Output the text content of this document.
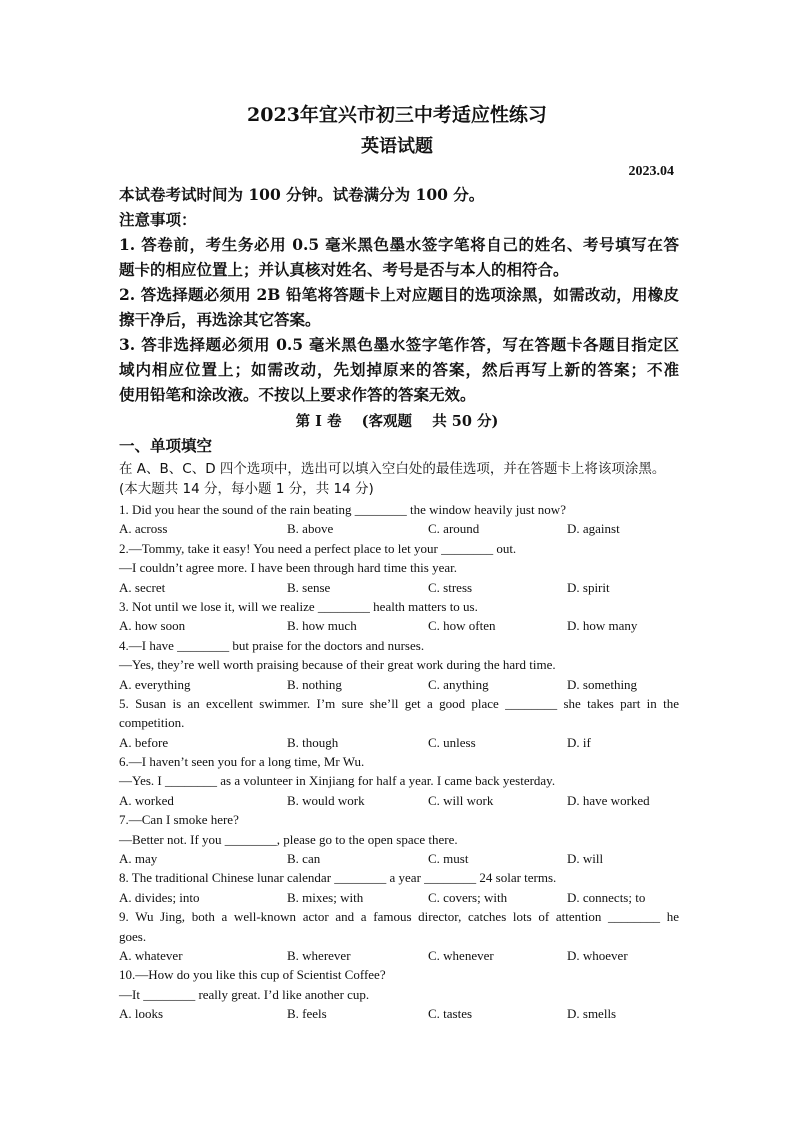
2023年宜兴市初三中考适应性练习
英语试题
2023.04
本试卷考试时间为 100 分钟。试卷满分为 100 分。
注意事项：
1. 答卷前，考生务必用 0.5 毫米黑色墨水签字笔将自己的姓名、考号填写在答
题卡的相应位置上；并认真核对姓名、考号是否与本人的相符合。
2. 答选择题必须用 2B 铅笔将答题卡上对应题目的选项涂黑，如需改动，用橡皮
擦干净后，再选涂其它答案。
3. 答非选择题必须用 0.5 毫米黑色墨水签字笔作答，写在答题卡各题目指定区
域内相应位置上；如需改动，先划掉原来的答案，然后再写上新的答案；不准
使用铅笔和涂改液。不按以上要求作答的答案无效。
第 I 卷    (客观题    共 50 分)
一、单项填空
在 A、B、C、D 四个选项中，选出可以填入空白处的最佳选项，并在答题卡上将该项涂黑。
(本大题共 14 分，每小题 1 分，共 14 分)
1. Did you hear the sound of the rain beating ________ the window heavily just now?
A. across	B. above	C. around	D. against
2.—Tommy, take it easy! You need a perfect place to let your ________ out.
—I couldn’t agree more. I have been through hard time this year.
A. secret	B. sense	C. stress	D. spirit
3. Not until we lose it, will we realize ________ health matters to us.
A. how soon	B. how much	C. how often	D. how many
4.—I have ________ but praise for the doctors and nurses.
—Yes, they’re well worth praising because of their great work during the hard time.
A. everything	B. nothing	C. anything	D. something
5. Susan is an excellent swimmer. I’m sure she’ll get a good place ________ she takes part in the
competition.
A. before	B. though	C. unless	D. if
6.—I haven’t seen you for a long time, Mr Wu.
—Yes. I ________ as a volunteer in Xinjiang for half a year. I came back yesterday.
A. worked	B. would work	C. will work	D. have worked
7.—Can I smoke here?
—Better not. If you ________, please go to the open space there.
A. may	B. can	C. must	D. will
8. The traditional Chinese lunar calendar ________ a year ________ 24 solar terms.
A. divides; into	B. mixes; with	C. covers; with	D. connects; to
9. Wu Jing, both a well-known actor and a famous director, catches lots of attention ________ he
goes.
A. whatever	B. wherever	C. whenever	D. whoever
10.—How do you like this cup of Scientist Coffee?
—It ________ really great. I’d like another cup.
A. looks	B. feels	C. tastes	D. smells
